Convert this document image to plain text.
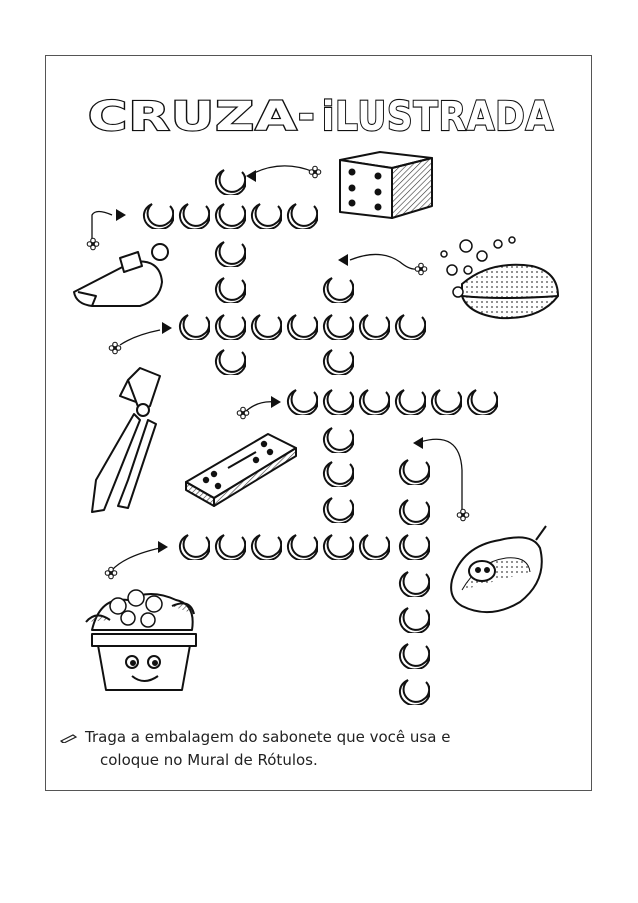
CRUZA - iLUSTRADA
Traga a embalagem do sabonete que você usa e
coloque no Mural de Rótulos.
